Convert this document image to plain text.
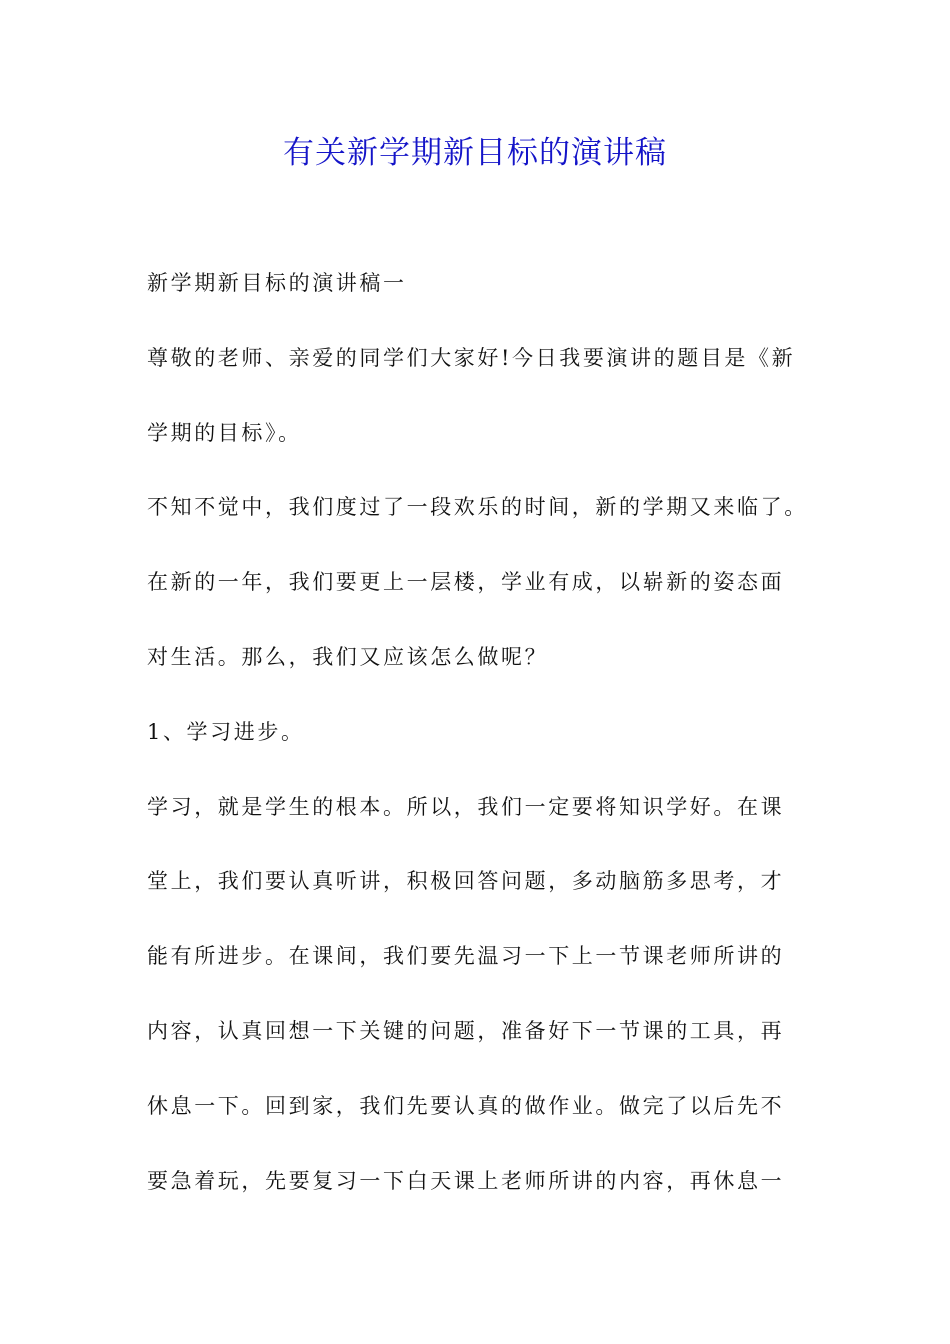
有关新学期新目标的演讲稿
新学期新目标的演讲稿一
尊敬的老师、亲爱的同学们大家好!今日我要演讲的题目是《新
学期的目标》。
不知不觉中，我们度过了一段欢乐的时间，新的学期又来临了。
在新的一年，我们要更上一层楼，学业有成，以崭新的姿态面
对生活。那么，我们又应该怎么做呢？
1、学习进步。
学习，就是学生的根本。所以，我们一定要将知识学好。在课
堂上，我们要认真听讲，积极回答问题，多动脑筋多思考，才
能有所进步。在课间，我们要先温习一下上一节课老师所讲的
内容，认真回想一下关键的问题，准备好下一节课的工具，再
休息一下。回到家，我们先要认真的做作业。做完了以后先不
要急着玩，先要复习一下白天课上老师所讲的内容，再休息一
